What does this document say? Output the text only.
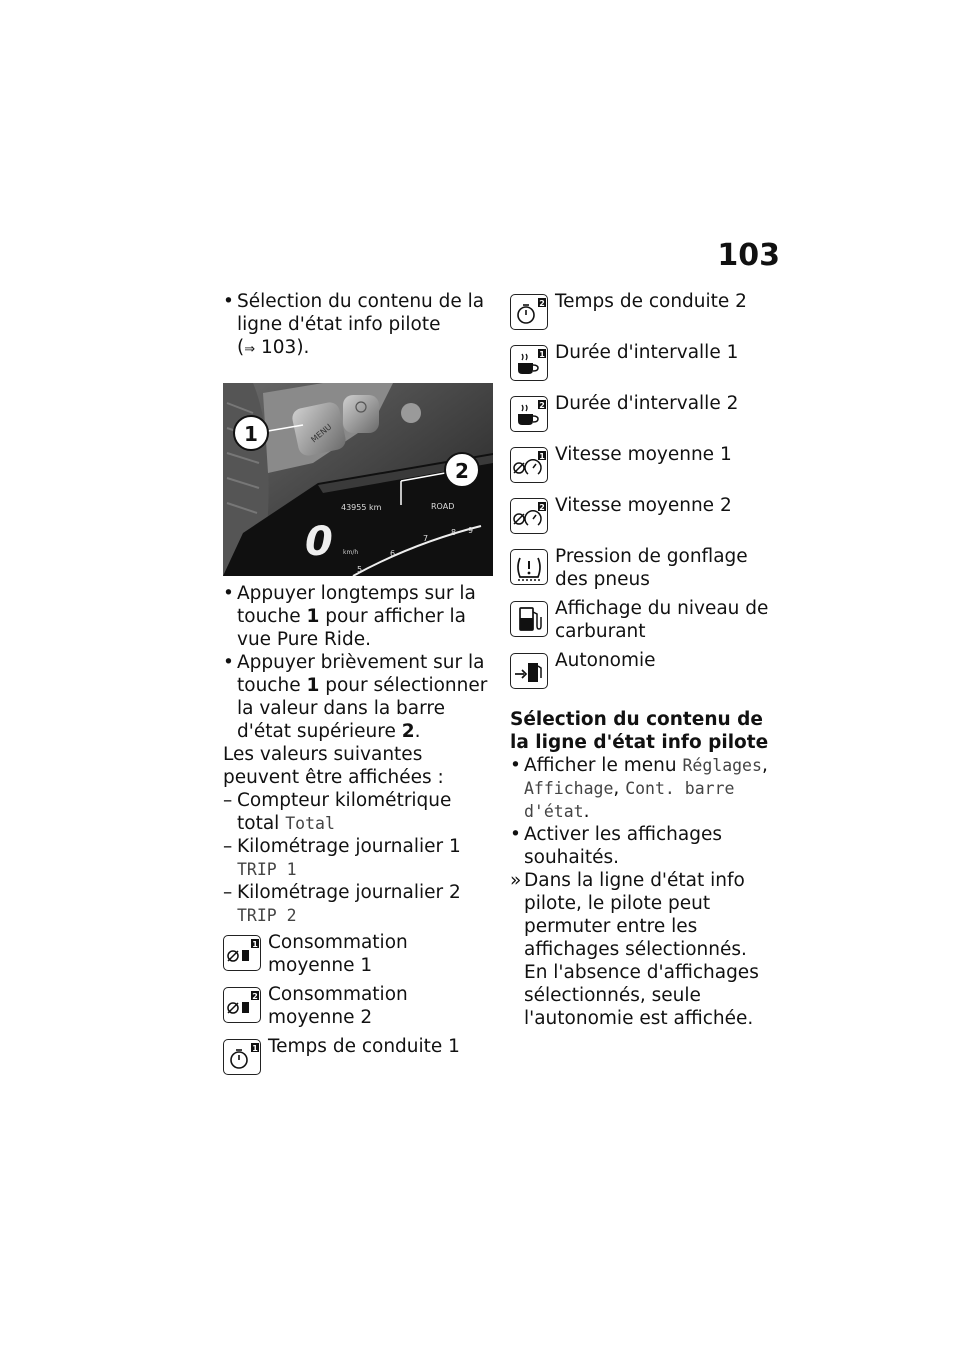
103
• Sélection du contenu de la ligne d'état info pilote
(⇒ 103).
MENU
43955 km	ROAD
0 km/h
5
6
7
8 9
1
2
• Appuyer longtemps sur la touche 1 pour afficher la vue Pure Ride.
• Appuyer brièvement sur la touche 1 pour sélectionner la valeur dans la barre d'état supérieure 2.
Les valeurs suivantes peuvent être affichées :
– Compteur kilométrique total Total
– Kilométrage journalier 1 TRIP 1
– Kilométrage journalier 2 TRIP 2
1 Consommation moyenne 1
2 Consommation moyenne 2
1 Temps de conduite 1
2 Temps de conduite 2
1 Durée d'intervalle 1
2 Durée d'intervalle 2
1 Vitesse moyenne 1
2 Vitesse moyenne 2
Pression de gonflage des pneus
Affichage du niveau de carburant
Autonomie
Sélection du contenu de la ligne d'état info pilote
• Afficher le menu Réglages, Affichage, Cont. barre d'état.
• Activer les affichages souhaités.
» Dans la ligne d'état info pilote, le pilote peut permuter entre les affichages sélectionnés.
En l'absence d'affichages sélectionnés, seule l'autonomie est affichée.
